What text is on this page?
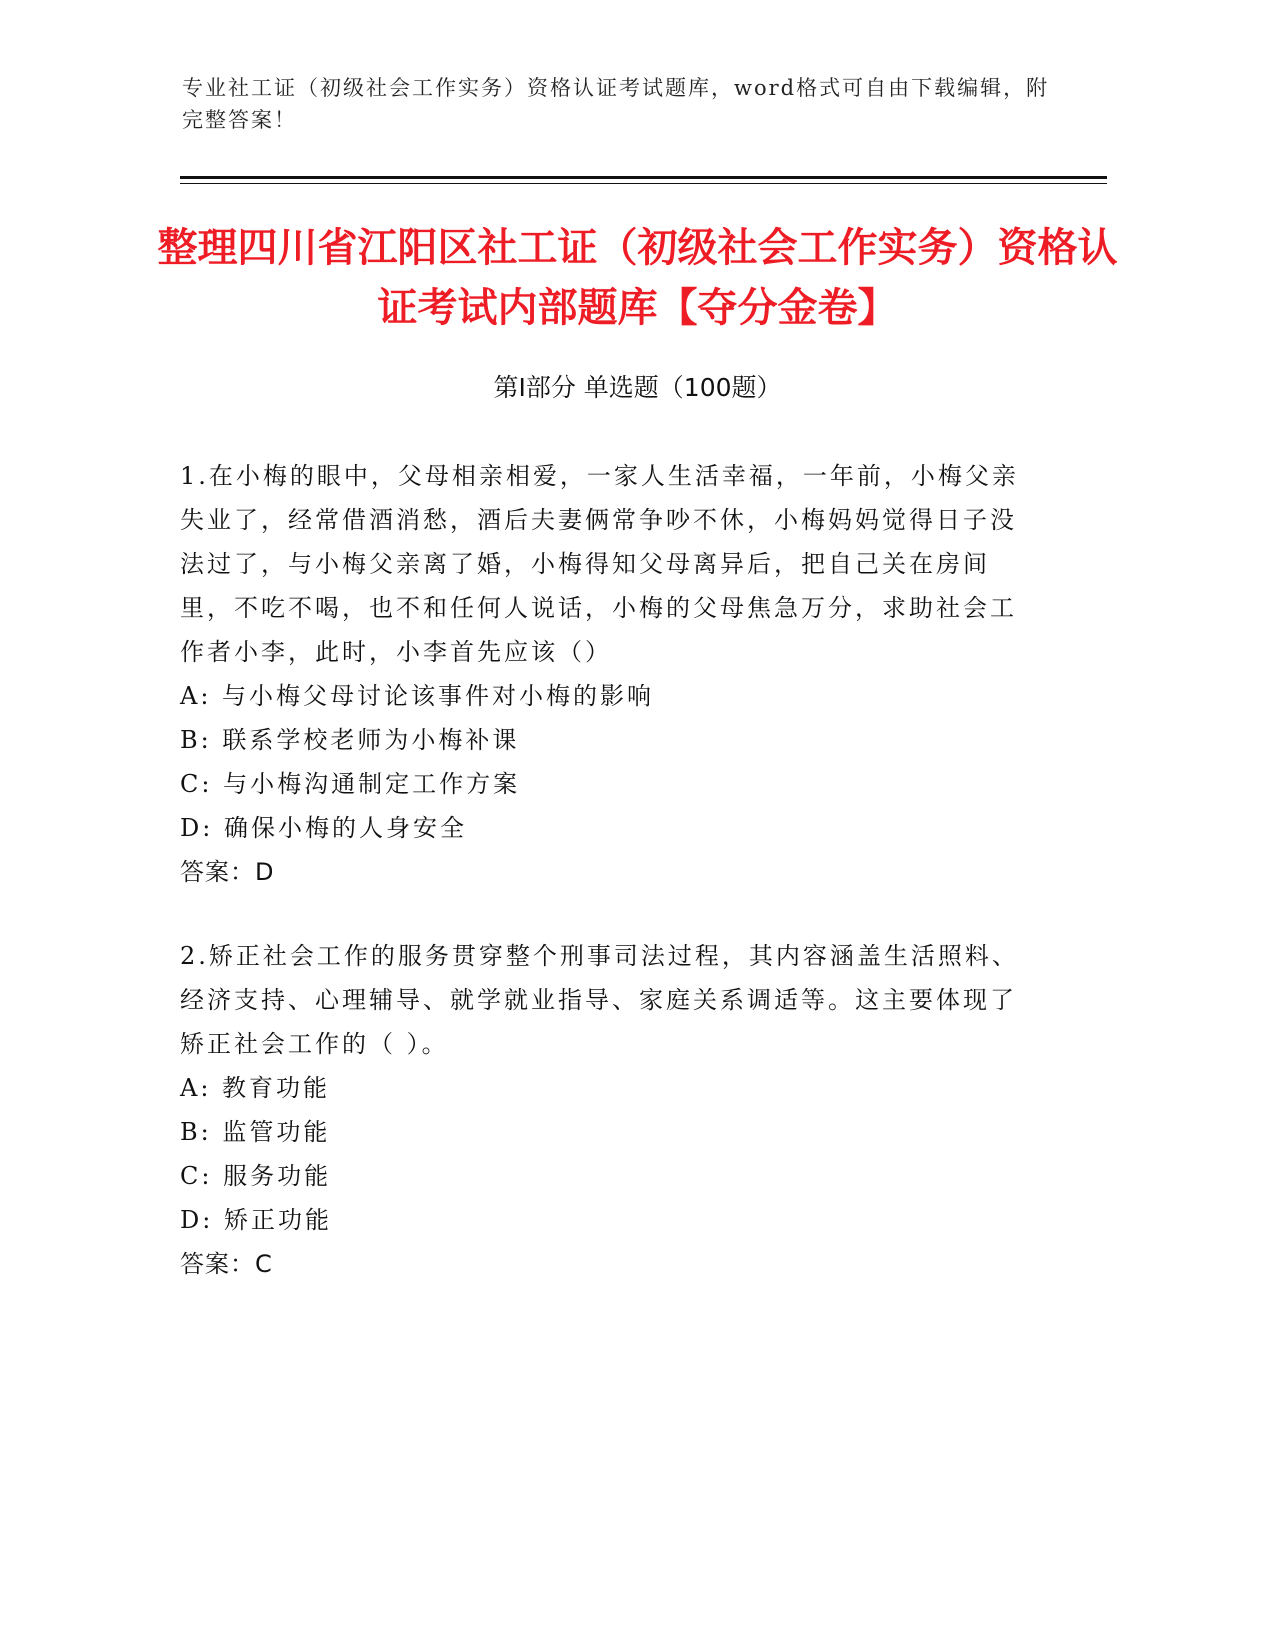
专业社工证（初级社会工作实务）资格认证考试题库，word格式可自由下载编辑，附完整答案！
整理四川省江阳区社工证（初级社会工作实务）资格认证考试内部题库【夺分金卷】
第Ⅰ部分 单选题（100题）
1.在小梅的眼中，父母相亲相爱，一家人生活幸福，一年前，小梅父亲失业了，经常借酒消愁，酒后夫妻俩常争吵不休，小梅妈妈觉得日子没法过了，与小梅父亲离了婚，小梅得知父母离异后，把自己关在房间里，不吃不喝，也不和任何人说话，小梅的父母焦急万分，求助社会工作者小李，此时，小李首先应该（）
A: 与小梅父母讨论该事件对小梅的影响
B: 联系学校老师为小梅补课
C: 与小梅沟通制定工作方案
D: 确保小梅的人身安全
答案：D
2.矫正社会工作的服务贯穿整个刑事司法过程，其内容涵盖生活照料、经济支持、心理辅导、就学就业指导、家庭关系调适等。这主要体现了矫正社会工作的（ ）。
A: 教育功能
B: 监管功能
C: 服务功能
D: 矫正功能
答案：C
